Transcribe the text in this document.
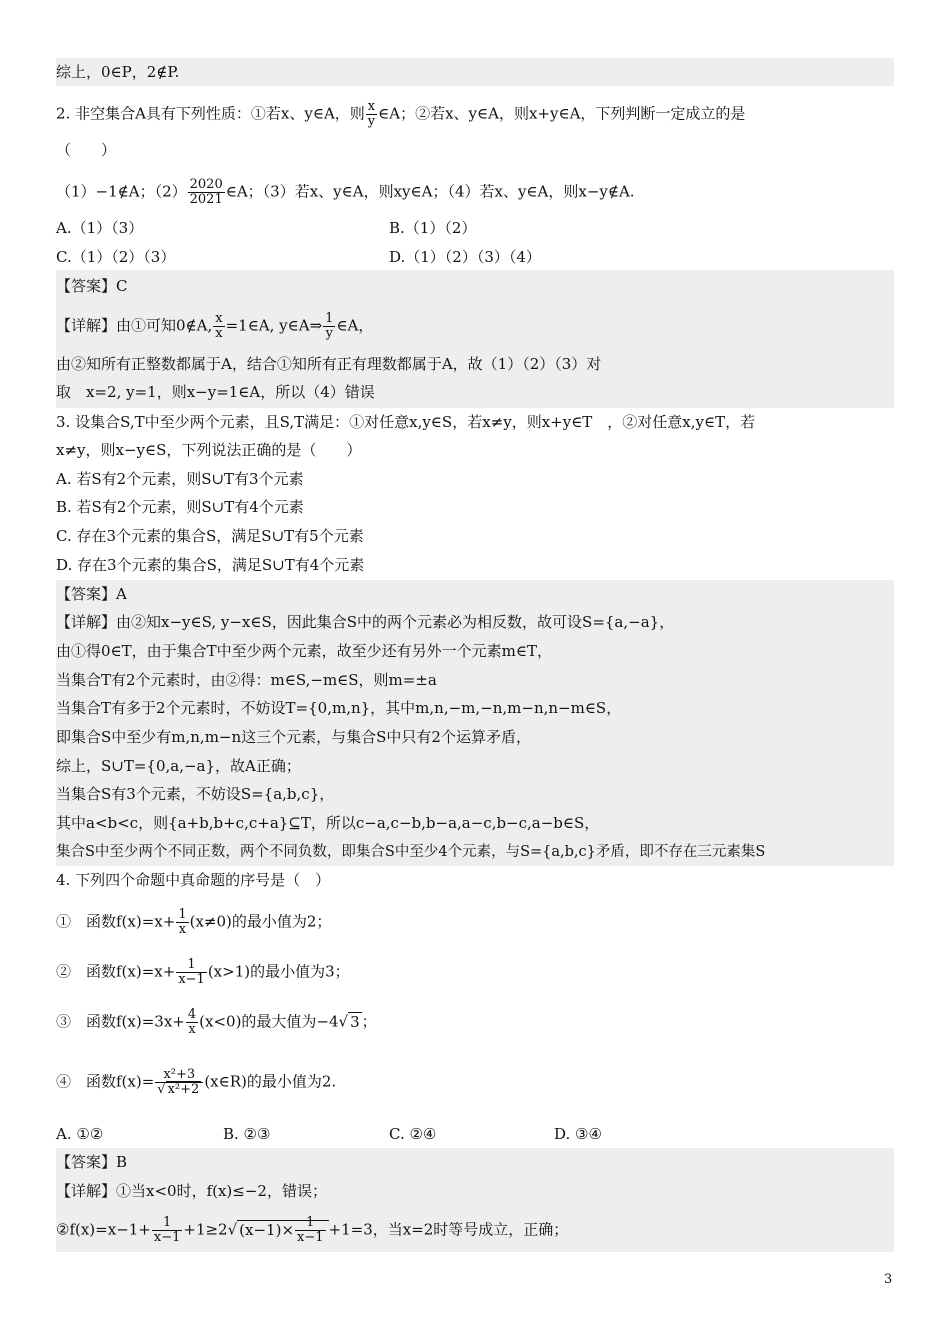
综上，0∈P，2∉P.
2. 非空集合A具有下列性质：①若x、y∈A，则 $\frac{x}{y}$ ∈A；②若x、y∈A，则x+y∈A，下列判断一定成立的是
（　　）
（1）−1∉A；$(2) \frac{2020}{2021}$ ∈A；（3）若x、y∈A，则xy∈A；（4）若x、y∈A，则x−y∉A.
A.（1）（3）	B.（1）（2）
C.（1）（2）（3）	D.（1）（2）（3）（4）
【答案】C
【详解】由①可知0∉A, $\frac{x}{x}$ =1∈A, y∈A⇒ $\frac{1}{y}$ ∈A，
由②知所有正整数都属于A，结合①知所有正有理数都属于A，故（1）（2）（3）对
取　x=2, y=1，则x−y=1∈A，所以（4）错误
3. 设集合S,T中至少两个元素，且S,T满足：①对任意x,y∈S，若x≠y，则x+y∈T　，②对任意x,y∈T，若
x≠y，则x−y∈S，下列说法正确的是（　　）
A. 若S有2个元素，则S∪T有3个元素
B. 若S有2个元素，则S∪T有4个元素
C. 存在3个元素的集合S，满足S∪T有5个元素
D. 存在3个元素的集合S，满足S∪T有4个元素
【答案】A
【详解】由②知x−y∈S, y−x∈S，因此集合S中的两个元素必为相反数，故可设S={a,−a}，
由①得0∈T，由于集合T中至少两个元素，故至少还有另外一个元素m∈T，
当集合T有2个元素时，由②得：m∈S,−m∈S，则m=±a
当集合T有多于2个元素时，不妨设T={0,m,n}，其中m,n,−m,−n,m−n,n−m∈S，
即集合S中至少有m,n,m−n这三个元素，与集合S中只有2个运算矛盾，
综上，S∪T={0,a,−a}，故A正确；
当集合S有3个元素，不妨设S={a,b,c}，
其中a<b<c，则{a+b,b+c,c+a}⊆T，所以c−a,c−b,b−a,a−c,b−c,a−b∈S，
集合S中至少两个不同正数，两个不同负数，即集合S中至少4个元素，与S={a,b,c}矛盾，即不存在三元素集S
4. 下列四个命题中真命题的序号是（　）
①　函数$f(x)=x+ \frac{1}{x} (x\ne 0)$的最小值为2；
②　函数$f(x)=x+ \frac{1}{x-1} (x>1)$的最小值为3；
③　函数$f(x)=3x+ \frac{4}{x} (x<0)$的最大值为−4√ 3 ；
④　函数$f(x)= \frac{\text{x²+3}}{\text{√ x²+2}}$ (x∈R)的最小值为2.
A. ①②	B. ②③	C. ②④	D. ③④
【答案】B
【详解】①当x<0时，f(x)≤−2，错误；
②f(x)=x−1+ $\frac{1}{x-1} +1\ge 2√$ $(x-1)\times \frac{1}{x-1} +1=3$，当x=2时等号成立，正确；
3
